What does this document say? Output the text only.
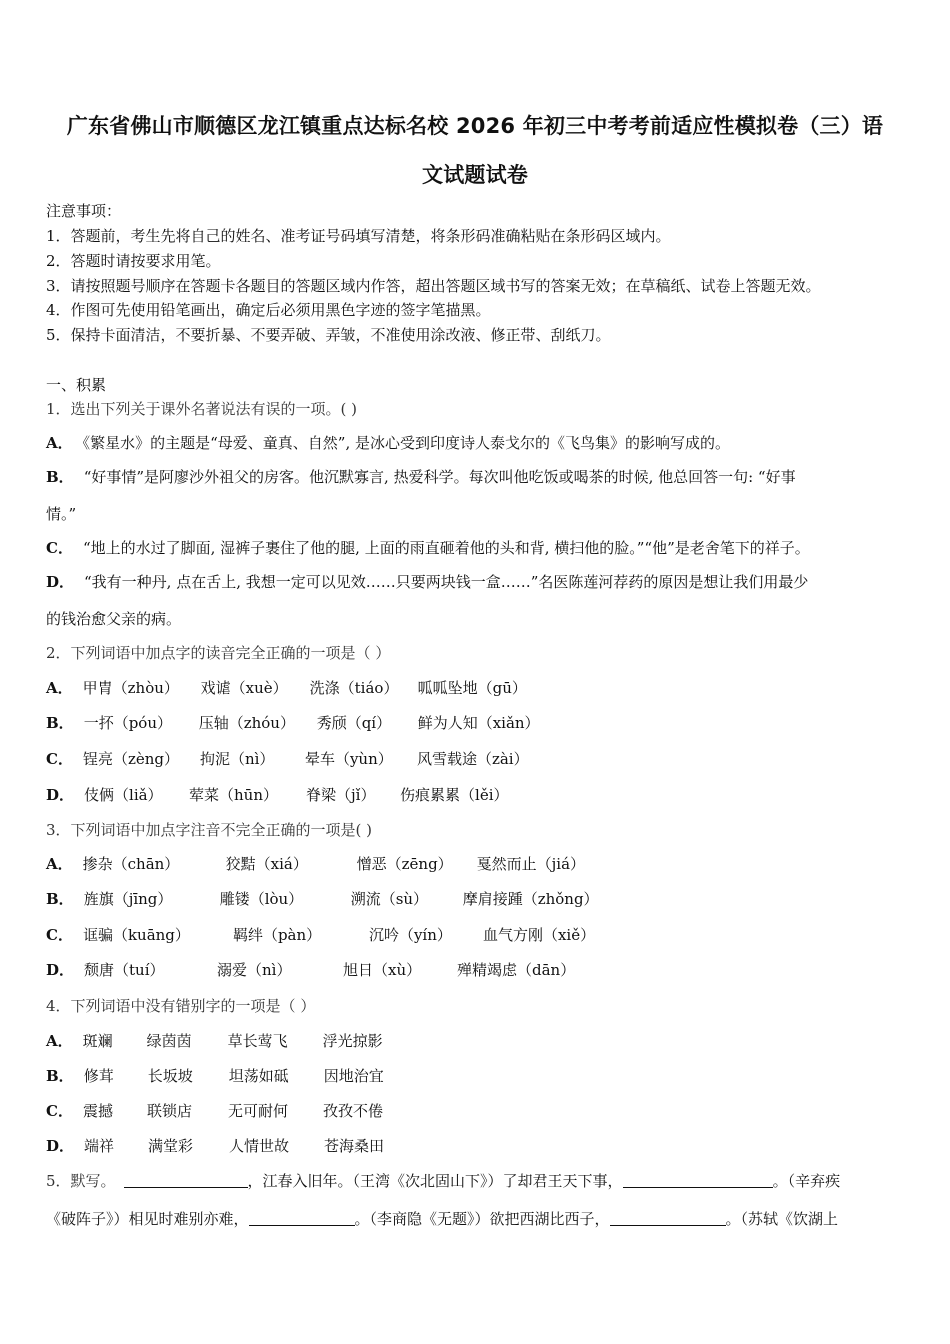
广东省佛山市顺德区龙江镇重点达标名校 2026 年初三中考考前适应性模拟卷（三）语
文试题试卷
注意事项：
1．答题前，考生先将自己的姓名、准考证号码填写清楚，将条形码准确粘贴在条形码区域内。
2．答题时请按要求用笔。
3．请按照题号顺序在答题卡各题目的答题区域内作答，超出答题区域书写的答案无效；在草稿纸、试卷上答题无效。
4．作图可先使用铅笔画出，确定后必须用黑色字迹的签字笔描黑。
5．保持卡面清洁，不要折暴、不要弄破、弄皱，不准使用涂改液、修正带、刮纸刀。
一、积累
1．选出下列关于课外名著说法有误的一项。( )
A． 《繁星水》的主题是“母爱、童真、自然”, 是冰心受到印度诗人泰戈尔的《飞鸟集》的影响写成的。
B． “好事情”是阿廖沙外祖父的房客。他沉默寡言, 热爱科学。每次叫他吃饭或喝茶的时候, 他总回答一句: “好事
情。”
C． “地上的水过了脚面, 湿裤子裹住了他的腿, 上面的雨直砸着他的头和背, 横扫他的脸。”“他”是老舍笔下的祥子。
D． “我有一种丹, 点在舌上, 我想一定可以见效……只要两块钱一盒……”名医陈莲河荐药的原因是想让我们用最少
的钱治愈父亲的病。
2．下列词语中加点字的读音完全正确的一项是（ ）
A． 甲胄（zhòu） 戏谑（xuè） 洗涤（tiáo） 呱呱坠地（gū）
B． 一抔（póu） 压轴（zhóu） 秀颀（qí） 鲜为人知（xiǎn）
C． 锃亮（zèng） 拘泥（nì） 晕车（yùn） 风雪载途（zài）
D． 伎俩（liǎ） 荤菜（hūn） 脊梁（jǐ） 伤痕累累（lěi）
3．下列词语中加点字注音不完全正确的一项是( )
A． 掺杂（chān）	狡黠（xiá）	憎恶（zēng） 戛然而止（jiá）
B． 旌旗（jīng）	雕镂（lòu）	溯流（sù） 摩肩接踵（zhǒng）
C． 诓骗（kuāng）	羁绊（pàn）	沉吟（yín） 血气方刚（xiě）
D． 颓唐（tuí）	溺爱（nì）	旭日（xù） 殚精竭虑（dān）
4．下列词语中没有错别字的一项是（ ）
A． 斑斓 绿茵茵 草长莺飞 浮光掠影
B． 修茸 长坂坡 坦荡如砥 因地治宜
C． 震撼 联锁店 无可耐何 孜孜不倦
D． 端祥 满堂彩 人情世故 苍海桑田
5．默写。	，江春入旧年。（王湾《次北固山下》）了却君王天下事，	。（辛弃疾
《破阵子》）相见时难别亦难，	。（李商隐《无题》）欲把西湖比西子，	。（苏轼《饮湖上
